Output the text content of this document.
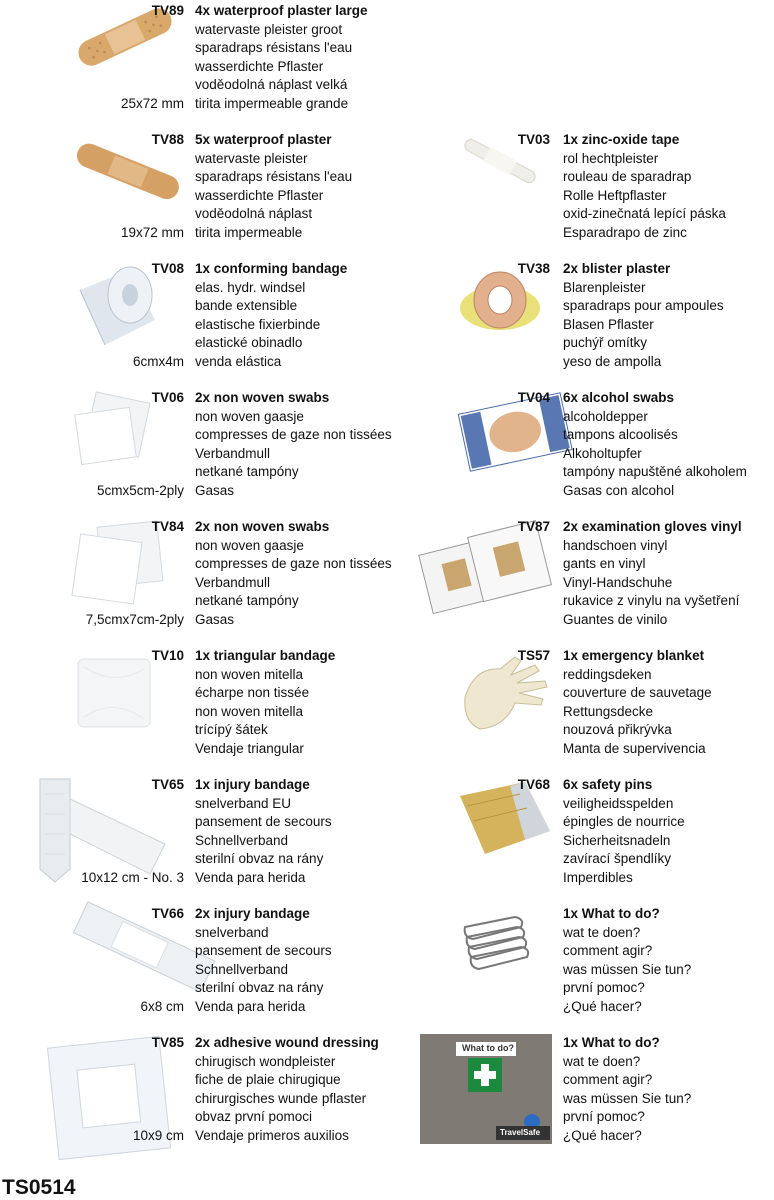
TV89
25x72 mm
4x waterproof plaster large
watervaste pleister groot
sparadraps résistans l'eau
wasserdichte Pflaster
voděodolná náplast velká
tirita impermeable grande
TV88
19x72 mm
5x waterproof plaster
watervaste pleister
sparadraps résistans l'eau
wasserdichte Pflaster
voděodolná náplast
tirita impermeable
TV08
6cmx4m
1x conforming bandage
elas. hydr. windsel
bande extensible
elastische fixierbinde
elastické obinadlo
venda elástica
TV06
5cmx5cm-2ply
2x non woven swabs
non woven gaasje
compresses de gaze non tissées
Verbandmull
netkané tampóny
Gasas
TV84
7,5cmx7cm-2ply
2x non woven swabs
non woven gaasje
compresses de gaze non tissées
Verbandmull
netkané tampóny
Gasas
TV10 1x triangular bandage
non woven mitella
écharpe non tissée
non woven mitella
trícípý šátek
Vendaje triangular
TV65
10x12 cm - No. 3
1x injury bandage
snelverband EU
pansement de secours
Schnellverband
sterilní obvaz na rány
Venda para herida
TV66
6x8 cm
2x injury bandage
snelverband
pansement de secours
Schnellverband
sterilní obvaz na rány
Venda para herida
TV85
10x9 cm
2x adhesive wound dressing
chirugisch wondpleister
fiche de plaie chirugique
chirurgisches wunde pflaster
obvaz první pomoci
Vendaje primeros auxilios
TV03 1x zinc-oxide tape
rol hechtpleister
rouleau de sparadrap
Rolle Heftpflaster
oxid-zinečnatá lepící páska
Esparadrapo de zinc
TV38 2x blister plaster
Blarenpleister
sparadraps pour ampoules
Blasen Pflaster
puchýř omítky
yeso de ampolla
TV04 6x alcohol swabs
alcoholdepper
tampons alcoolisés
Alkoholtupfer
tampóny napuštěné alkoholem
Gasas con alcohol
TV87 2x examination gloves vinyl
handschoen vinyl
gants en vinyl
Vinyl-Handschuhe
rukavice z vinylu na vyšetření
Guantes de vinilo
TS57 1x emergency blanket
reddingsdeken
couverture de sauvetage
Rettungsdecke
nouzová přikrývka
Manta de supervivencia
TV68 6x safety pins
veiligheidsspelden
épingles de nourrice
Sicherheitsnadeln
zavírací špendlíky
Imperdibles
1x What to do?
wat te doen?
comment agir?
was müssen Sie tun?
první pomoc?
¿Qué hacer?
What to do?
TravelSafe
1x What to do?
wat te doen?
comment agir?
was müssen Sie tun?
první pomoc?
¿Qué hacer?
TS0514
